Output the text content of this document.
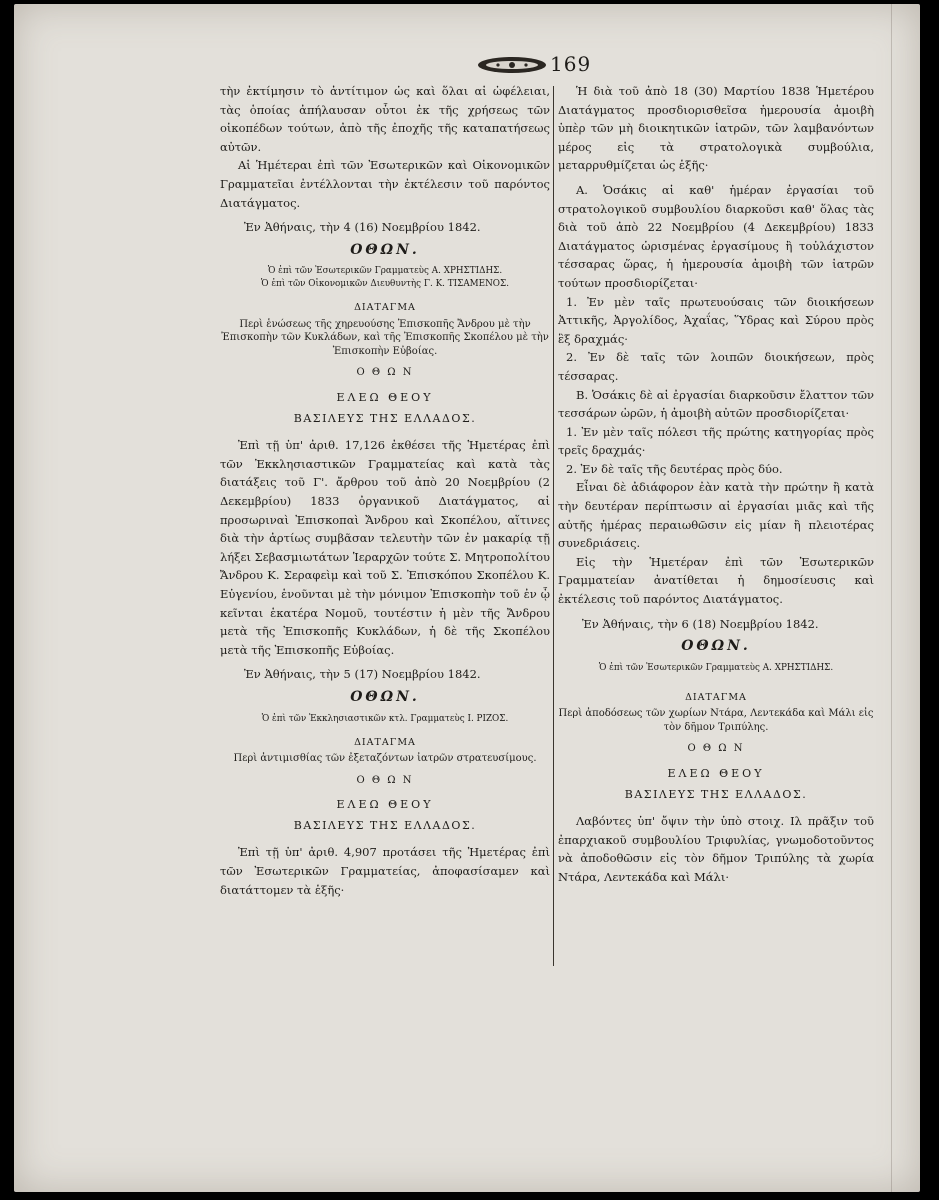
169

τὴν ἐκτίμησιν τὸ ἀντίτιμον ὡς καὶ ὅλαι αἱ ὠφέλειαι, τὰς ὁποίας ἀπήλαυσαν οὗτοι ἐκ τῆς χρήσεως τῶν οἰκοπέδων τούτων, ἀπὸ τῆς ἐποχῆς τῆς καταπατήσεως αὐτῶν.

Αἱ Ἡμέτεραι ἐπὶ τῶν Ἐσωτερικῶν καὶ Οἰκονομικῶν Γραμματεῖαι ἐντέλλονται τὴν ἐκτέλεσιν τοῦ παρόντος Διατάγματος.

Ἐν Ἀθήναις, τὴν 4 (16) Νοεμβρίου 1842.

ΟΘΩΝ.

Ὁ ἐπὶ τῶν Ἐσωτερικῶν Γραμματεὺς Α. ΧΡΗΣΤΙΔΗΣ.

Ὁ ἐπὶ τῶν Οἰκονομικῶν Διευθυντὴς Γ. Κ. ΤΙΣΑΜΕΝΟΣ.

ΔΙΑΤΑΓΜΑ

Περὶ ἑνώσεως τῆς χηρευούσης Ἐπισκοπῆς Ἄνδρου μὲ τὴν Ἐπισκοπὴν τῶν Κυκλάδων, καὶ τῆς Ἐπισκοπῆς Σκοπέλου μὲ τὴν Ἐπισκοπὴν Εὐβοίας.

Ο Θ Ω Ν

ΕΛΕΩ ΘΕΟΥ

ΒΑΣΙΛΕΥΣ ΤΗΣ ΕΛΛΑΔΟΣ.

Ἐπὶ τῇ ὑπ' ἀριθ. 17,126 ἐκθέσει τῆς Ἡμετέρας ἐπὶ τῶν Ἐκκλησιαστικῶν Γραμματείας καὶ κατὰ τὰς διατάξεις τοῦ Γ'. ἄρθρου τοῦ ἀπὸ 20 Νοεμβρίου (2 Δεκεμβρίου) 1833 ὀργανικοῦ Διατάγματος, αἱ προσωριναὶ Ἐπισκοπαὶ Ἄνδρου καὶ Σκοπέλου, αἵτινες διὰ τὴν ἀρτίως συμβᾶσαν τελευτὴν τῶν ἐν μακαρίᾳ τῇ λήξει Σεβασμιωτάτων Ἱεραρχῶν τούτε Σ. Μητροπολίτου Ἄνδρου Κ. Σεραφεὶμ καὶ τοῦ Σ. Ἐπισκόπου Σκοπέλου Κ. Εὐγενίου, ἑνοῦνται μὲ τὴν μόνιμον Ἐπισκοπὴν τοῦ ἐν ᾧ κεῖνται ἑκατέρα Νομοῦ, τουτέστιν ἡ μὲν τῆς Ἄνδρου μετὰ τῆς Ἐπισκοπῆς Κυκλάδων, ἡ δὲ τῆς Σκοπέλου μετὰ τῆς Ἐπισκοπῆς Εὐβοίας.

Ἐν Ἀθήναις, τὴν 5 (17) Νοεμβρίου 1842.

ΟΘΩΝ.

Ὁ ἐπὶ τῶν Ἐκκλησιαστικῶν κτλ. Γραμματεὺς Ι. ΡΙΖΟΣ.

ΔΙΑΤΑΓΜΑ

Περὶ ἀντιμισθίας τῶν ἐξεταζόντων ἰατρῶν στρατευσίμους.

Ο Θ Ω Ν

ΕΛΕΩ ΘΕΟΥ

ΒΑΣΙΛΕΥΣ ΤΗΣ ΕΛΛΑΔΟΣ.

Ἐπὶ τῇ ὑπ' ἀριθ. 4,907 προτάσει τῆς Ἡμετέρας ἐπὶ τῶν Ἐσωτερικῶν Γραμματείας, ἀποφασίσαμεν καὶ διατάττομεν τὰ ἑξῆς·

Ἡ διὰ τοῦ ἀπὸ 18 (30) Μαρτίου 1838 Ἡμετέρου Διατάγματος προσδιορισθεῖσα ἡμερουσία ἀμοιβὴ ὑπὲρ τῶν μὴ διοικητικῶν ἰατρῶν, τῶν λαμβανόντων μέρος εἰς τὰ στρατολογικὰ συμβούλια, μεταρρυθμίζεται ὡς ἑξῆς·

Α. Ὁσάκις αἱ καθ' ἡμέραν ἐργασίαι τοῦ στρατολογικοῦ συμβουλίου διαρκοῦσι καθ' ὅλας τὰς διὰ τοῦ ἀπὸ 22 Νοεμβρίου (4 Δεκεμβρίου) 1833 Διατάγματος ὡρισμένας ἐργασίμους ἢ τοὐλάχιστον τέσσαρας ὥρας, ἡ ἡμερουσία ἀμοιβὴ τῶν ἰατρῶν τούτων προσδιορίζεται·

1. Ἐν μὲν ταῖς πρωτευούσαις τῶν διοικήσεων Ἀττικῆς, Ἀργολίδος, Ἀχαΐας, Ὕδρας καὶ Σύρου πρὸς ἓξ δραχμάς·

2. Ἐν δὲ ταῖς τῶν λοιπῶν διοικήσεων, πρὸς τέσσαρας.

Β. Ὁσάκις δὲ αἱ ἐργασίαι διαρκοῦσιν ἔλαττον τῶν τεσσάρων ὡρῶν, ἡ ἀμοιβὴ αὐτῶν προσδιορίζεται·

1. Ἐν μὲν ταῖς πόλεσι τῆς πρώτης κατηγορίας πρὸς τρεῖς δραχμάς·

2. Ἐν δὲ ταῖς τῆς δευτέρας πρὸς δύο.

Εἶναι δὲ ἀδιάφορον ἐὰν κατὰ τὴν πρώτην ἢ κατὰ τὴν δευτέραν περίπτωσιν αἱ ἐργασίαι μιᾶς καὶ τῆς αὐτῆς ἡμέρας περαιωθῶσιν εἰς μίαν ἢ πλειοτέρας συνεδριάσεις.

Εἰς τὴν Ἡμετέραν ἐπὶ τῶν Ἐσωτερικῶν Γραμματείαν ἀνατίθεται ἡ δημοσίευσις καὶ ἐκτέλεσις τοῦ παρόντος Διατάγματος.

Ἐν Ἀθήναις, τὴν 6 (18) Νοεμβρίου 1842.

ΟΘΩΝ.

Ὁ ἐπὶ τῶν Ἐσωτερικῶν Γραμματεὺς Α. ΧΡΗΣΤΙΔΗΣ.

ΔΙΑΤΑΓΜΑ

Περὶ ἀποδόσεως τῶν χωρίων Ντάρα, Λεντεκάδα καὶ Μάλι εἰς τὸν δῆμον Τριπύλης.

Ο Θ Ω Ν

ΕΛΕΩ ΘΕΟΥ

ΒΑΣΙΛΕΥΣ ΤΗΣ ΕΛΛΑΔΟΣ.

Λαβόντες ὑπ' ὄψιν τὴν ὑπὸ στοιχ. Ιλ πρᾶξιν τοῦ ἐπαρχιακοῦ συμβουλίου Τριφυλίας, γνωμοδοτοῦντος νὰ ἀποδοθῶσιν εἰς τὸν δῆμον Τριπύλης τὰ χωρία Ντάρα, Λεντεκάδα καὶ Μάλι·
